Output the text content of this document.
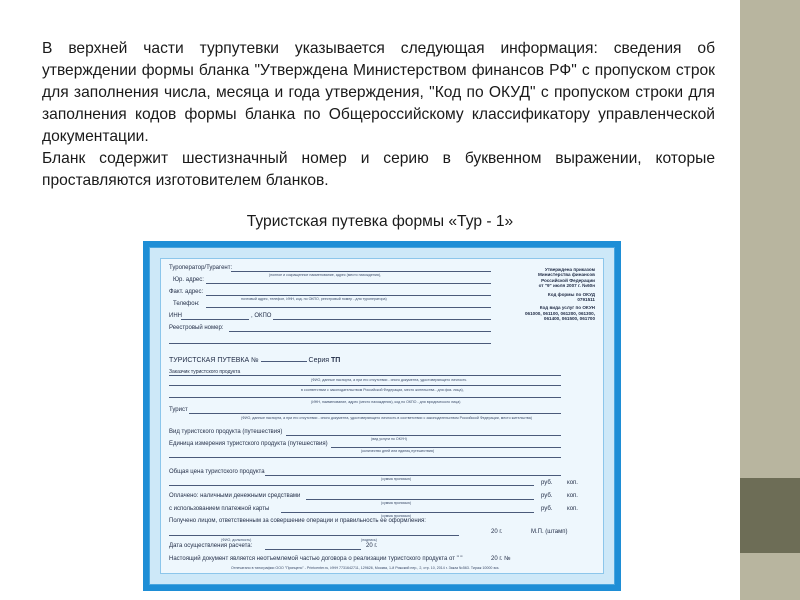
В верхней части турпутевки указывается следующая информация: сведения об утверждении формы бланка "Утверждена Министерством финансов РФ" с пропуском строк для заполнения числа, месяца и года утверждения, "Код по ОКУД" с пропуском строки для заполнения кодов формы бланка по Общероссийскому классификатору управленческой документации.

Бланк содержит шестизначный номер и серию в буквенном выражении, которые проставляются изготовителем бланков.

Туристская путевка формы «Тур - 1»
Туроператор/Турагент:
(полное и сокращенное наименование, адрес (место нахождения),
Юр. адрес:
Факт. адрес:
почтовый адрес, телефон, ИНН, код. по ОКПО, реестровый номер - для туроператора)
Телефон:
ИНН	, ОКПО
Реестровый номер:
Утверждена приказом
Министерства финансов
Российской Федерации
от "9" июля 2007 г. №60н
Код формы по ОКУД
0791511
Код вида услуг по ОКУН
061000, 061100, 061200, 061300,
061400, 061500, 061700
ТУРИСТСКАЯ ПУТЕВКА №	Серия ТП
Заказчик туристского продукта
(ФИО, данные паспорта, а при его отсутствии - иного документа, удостоверяющего личность
в соответствии с законодательством Российской Федерации, место жительства - для физ. лица),
(ИНН, наименование, адрес (место нахождения), код по ОКПО - для юридического лица)
Турист
(ФИО, данные паспорта, а при его отсутствии - иного документа, удостоверяющего личность в соответствии с законодательством Российской Федерации, место жительства)
Вид туристского продукта (путешествия)
(вид услуги по ОКУН)
Единица измерения туристского продукта (путешествия)
(количество дней или единиц путешествия)
Общая цена туристского продукта
(сумма прописью)
коп.
руб.
Оплачено: наличными денежными средствами	руб. коп.
(сумма прописью)
с использованием платежной карты	руб. коп.
(сумма прописью)
Получено лицом, ответственным за совершение операции и правильность ее оформления:
20 г.	М.П. (штамп)
(ФИО, должность)	(подпись)
Дата осуществления расчета:	20 г.
Настоящий документ является неотъемлемой частью договора о реализации туристского продукта от " "	20 г. №
Отпечатано в типографии ООО "Принцепс" - Printcenter.ru, ИНН 7731642711, 129626, Москва, 1-й Рижский пер., 2, стр. 10, 2014 г. Заказ №563. Тираж 10000 экз.
